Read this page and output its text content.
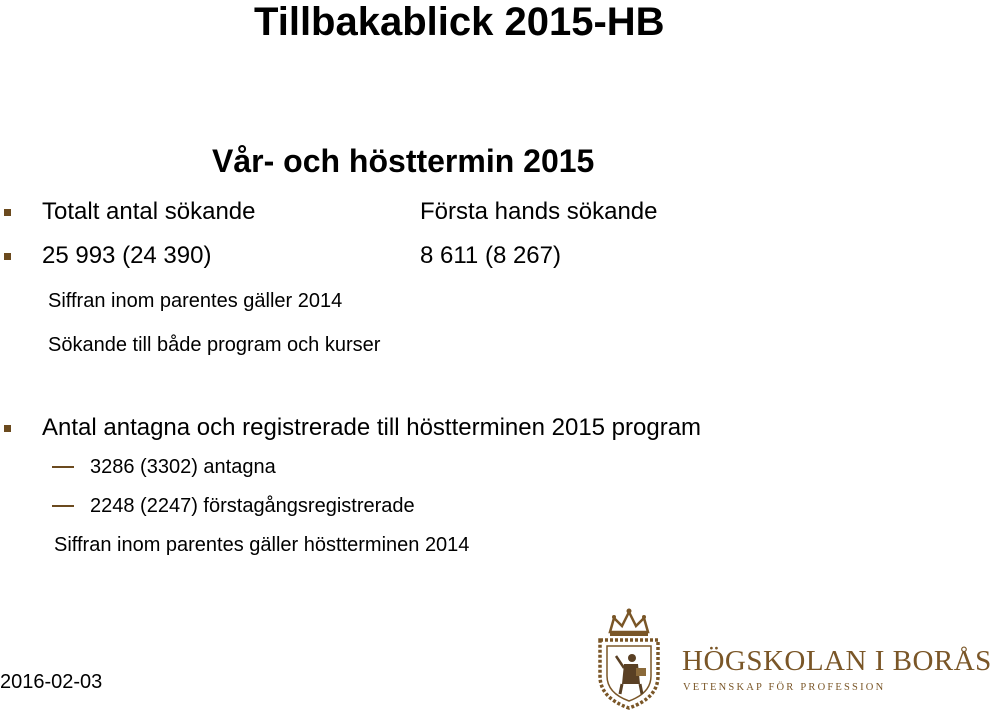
Tillbakablick 2015-HB
Vår- och hösttermin 2015
Totalt antal sökande	Första hands sökande
25 993 (24 390)	8 611 (8 267)
Siffran inom parentes gäller 2014
Sökande till både program och kurser
Antal antagna och registrerade till höstterminen 2015 program
3286 (3302) antagna
2248 (2247) förstagångsregistrerade
Siffran inom parentes gäller höstterminen 2014
2016-02-03
HÖGSKOLAN I BORÅS
VETENSKAP FÖR PROFESSION
